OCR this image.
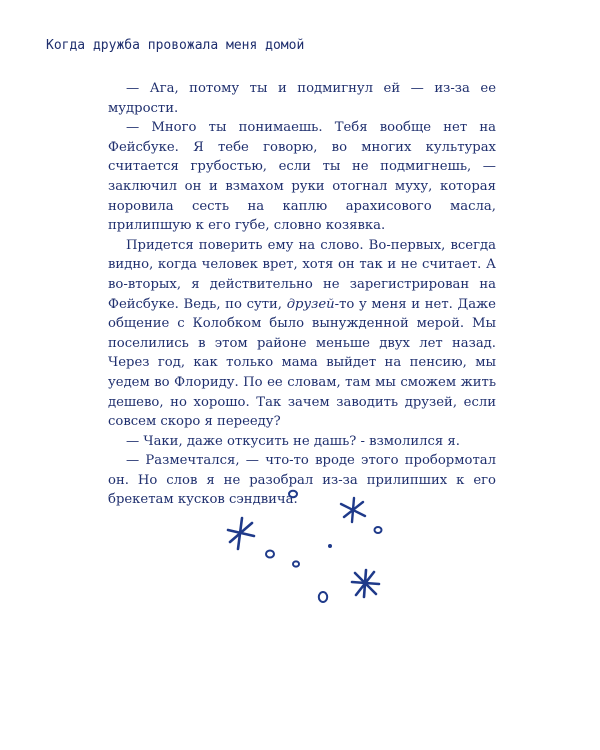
Когда дружба провожала меня домой

— Ага, потому ты и подмигнул ей — из-за ее мудрости.

— Много ты понимаешь. Тебя вообще нет на Фейсбуке. Я тебе говорю, во многих культурах считается грубостью, если ты не подмигнешь, — заключил он и взмахом руки отогнал муху, которая норовила сесть на каплю арахисового масла, прилипшую к его губе, словно козявка.

Придется поверить ему на слово. Во-первых, всегда видно, когда человек врет, хотя он так и не считает. А во-вторых, я действительно не зарегистрирован на Фейсбуке. Ведь, по сути, друзей-то у меня и нет. Даже общение с Колобком было вынужденной мерой. Мы поселились в этом районе меньше двух лет назад. Через год, как только мама выйдет на пенсию, мы уедем во Флориду. По ее словам, там мы сможем жить дешево, но хорошо. Так зачем заводить друзей, если совсем скоро я перееду?

— Чаки, даже откусить не дашь? - взмолился я.

— Размечтался, — что-то вроде этого пробормотал он. Но слов я не разобрал из-за прилипших к его брекетам кусков сэндвича.
